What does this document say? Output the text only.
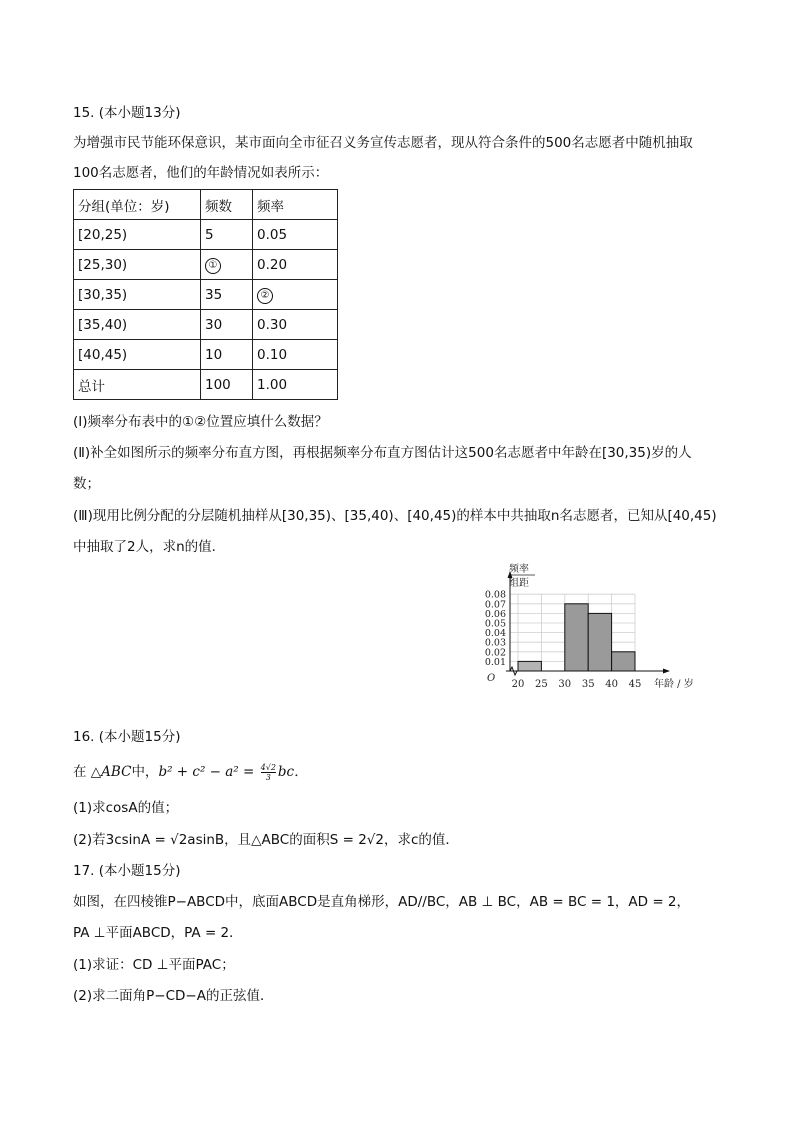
15. (本小题13分)
为增强市民节能环保意识，某市面向全市征召义务宣传志愿者，现从符合条件的500名志愿者中随机抽取
100名志愿者，他们的年龄情况如表所示：
分组(单位：岁)	频数	频率
[20,25)	5	0.05
[25,30)	①	0.20
[30,35)	35	②
[35,40)	30	0.30
[40,45)	10	0.10
总计	100	1.00
(Ⅰ)频率分布表中的①②位置应填什么数据？
(Ⅱ)补全如图所示的频率分布直方图，再根据频率分布直方图估计这500名志愿者中年龄在[30,35)岁的人
数；
(Ⅲ)现用比例分配的分层随机抽样从[30,35)、[35,40)、[40,45)的样本中共抽取n名志愿者，已知从[40,45)
中抽取了2人，求n的值．
频率
组距
O
年龄 / 岁
0.01
0.02
0.03
0.04
0.05
0.06
0.07
0.08
20 25 30 35 40 45
16. (本小题15分)
在 △ABC中，$b^2 + c^2 - a^2 = \frac{4√2}{3}$ bc．
(1)求cosA的值；
(2)若3csinA = √2asinB，且△ABC的面积S = 2√2，求c的值．
17. (本小题15分)
如图，在四棱锥P−ABCD中，底面ABCD是直角梯形，AD//BC，AB ⊥ BC，AB = BC = 1，AD = 2，
PA ⊥平面ABCD，PA = 2．
(1)求证：CD ⊥平面PAC；
(2)求二面角P−CD−A的正弦值．
